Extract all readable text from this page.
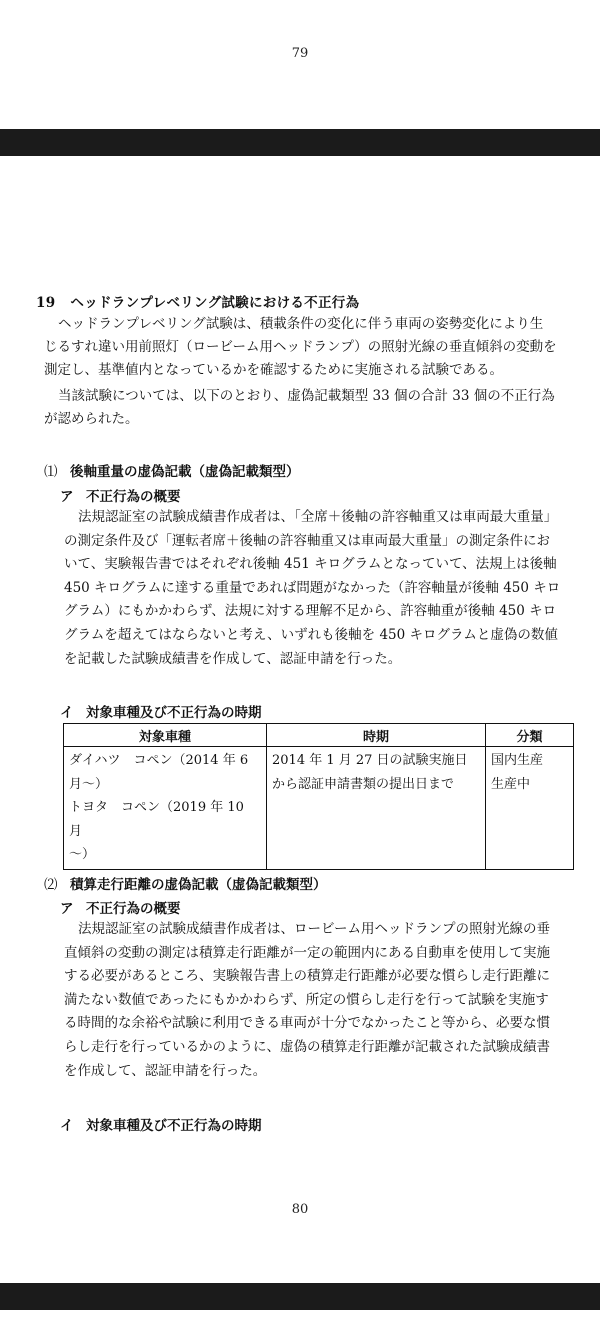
79
19 ヘッドランプレベリング試験における不正行為

ヘッドランプレベリング試験は、積載条件の変化に伴う車両の姿勢変化により生
じるすれ違い用前照灯（ロービーム用ヘッドランプ）の照射光線の垂直傾斜の変動を
測定し、基準値内となっているかを確認するために実施される試験である。

当該試験については、以下のとおり、虚偽記載類型 33 個の合計 33 個の不正行為
が認められた。

⑴ 後軸重量の虚偽記載（虚偽記載類型）
ア 不正行為の概要

法規認証室の試験成績書作成者は、「全席＋後軸の許容軸重又は車両最大重量」
の測定条件及び「運転者席＋後軸の許容軸重又は車両最大重量」の測定条件にお
いて、実験報告書ではそれぞれ後軸 451 キログラムとなっていて、法規上は後軸
450 キログラムに達する重量であれば問題がなかった（許容軸量が後軸 450 キロ
グラム）にもかかわらず、法規に対する理解不足から、許容軸重が後軸 450 キロ
グラムを超えてはならないと考え、いずれも後軸を 450 キログラムと虚偽の数値
を記載した試験成績書を作成して、認証申請を行った。

イ 対象車種及び不正行為の時期
対象車種	時期	分類
ダイハツ　コペン（2014 年 6
月～）
トヨタ　コペン（2019 年 10 月
～）	2014 年 1 月 27 日の試験実施日
から認証申請書類の提出日まで	国内生産
生産中
⑵ 積算走行距離の虚偽記載（虚偽記載類型）
ア 不正行為の概要

法規認証室の試験成績書作成者は、ロービーム用ヘッドランプの照射光線の垂
直傾斜の変動の測定は積算走行距離が一定の範囲内にある自動車を使用して実施
する必要があるところ、実験報告書上の積算走行距離が必要な慣らし走行距離に
満たない数値であったにもかかわらず、所定の慣らし走行を行って試験を実施す
る時間的な余裕や試験に利用できる車両が十分でなかったこと等から、必要な慣
らし走行を行っているかのように、虚偽の積算走行距離が記載された試験成績書
を作成して、認証申請を行った。

イ 対象車種及び不正行為の時期
80
